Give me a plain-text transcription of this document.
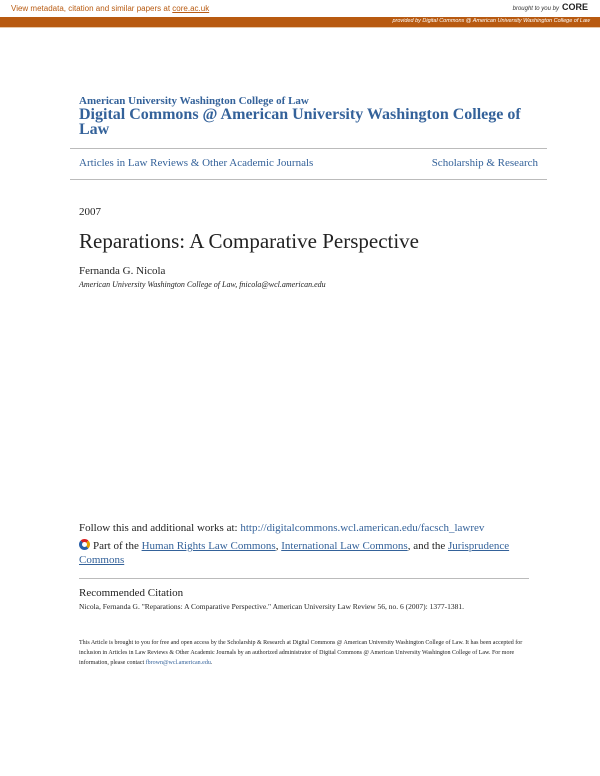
View metadata, citation and similar papers at core.ac.uk	brought to you by CORE
provided by Digital Commons @ American University Washington College of Law
American University Washington College of Law
Digital Commons @ American University Washington College of Law
Articles in Law Reviews & Other Academic Journals	Scholarship & Research
2007
Reparations: A Comparative Perspective
Fernanda G. Nicola
American University Washington College of Law, fnicola@wcl.american.edu
Follow this and additional works at: http://digitalcommons.wcl.american.edu/facsch_lawrev
Part of the Human Rights Law Commons, International Law Commons, and the Jurisprudence Commons
Recommended Citation
Nicola, Fernanda G. "Reparations: A Comparative Perspective." American University Law Review 56, no. 6 (2007): 1377-1381.
This Article is brought to you for free and open access by the Scholarship & Research at Digital Commons @ American University Washington College of Law. It has been accepted for inclusion in Articles in Law Reviews & Other Academic Journals by an authorized administrator of Digital Commons @ American University Washington College of Law. For more information, please contact fbrown@wcl.american.edu.
